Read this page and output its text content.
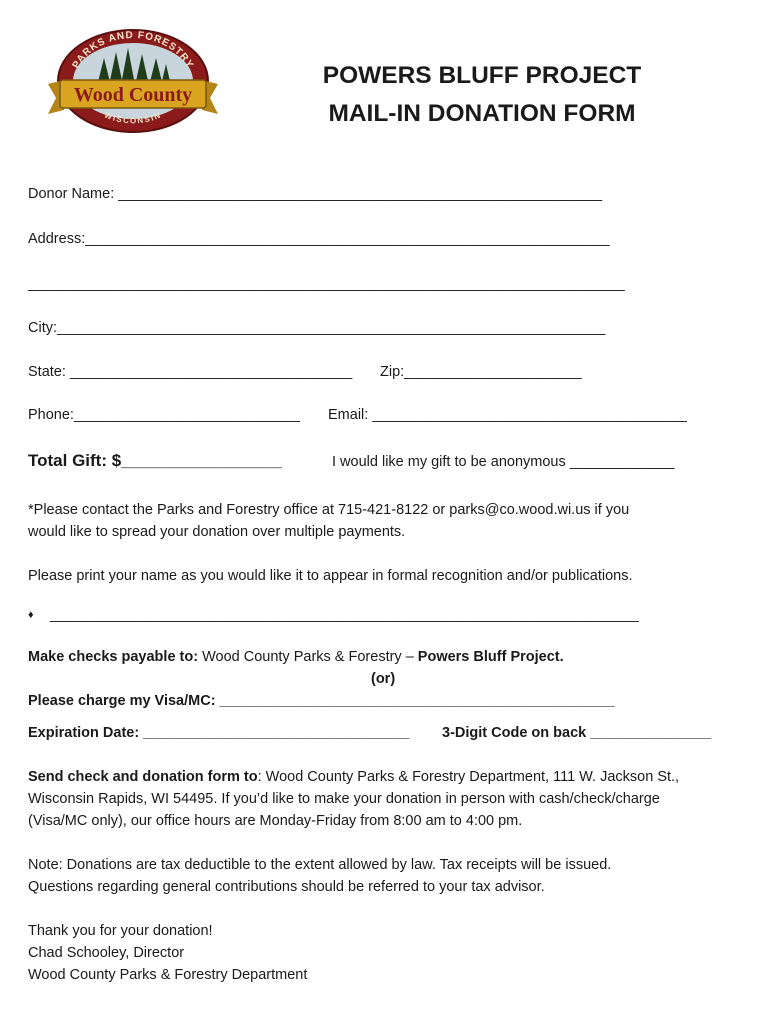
PARKS AND FORESTRY
Wood County
WISCONSIN
POWERS BLUFF PROJECT
MAIL-IN DONATION FORM
Donor Name: ____________________________________________________________
Address:_________________________________________________________________
__________________________________________________________________________
City:____________________________________________________________________
State: ___________________________________ Zip:______________________
Phone:____________________________ Email: _______________________________________
Total Gift: $_________________	I would like my gift to be anonymous _____________
*Please contact the Parks and Forestry office at 715-421-8122 or parks@co.wood.wi.us if you
would like to spread your donation over multiple payments.
Please print your name as you would like it to appear in formal recognition and/or publications.
♦ _________________________________________________________________________
Make checks payable to: Wood County Parks & Forestry – Powers Bluff Project.
(or)
Please charge my Visa/MC: _________________________________________________
Expiration Date: _________________________________ 3-Digit Code on back _______________
Send check and donation form to: Wood County Parks & Forestry Department, 111 W. Jackson St.,
Wisconsin Rapids, WI 54495. If you’d like to make your donation in person with cash/check/charge
(Visa/MC only), our office hours are Monday-Friday from 8:00 am to 4:00 pm.
Note: Donations are tax deductible to the extent allowed by law. Tax receipts will be issued.
Questions regarding general contributions should be referred to your tax advisor.
Thank you for your donation!
Chad Schooley, Director
Wood County Parks & Forestry Department
